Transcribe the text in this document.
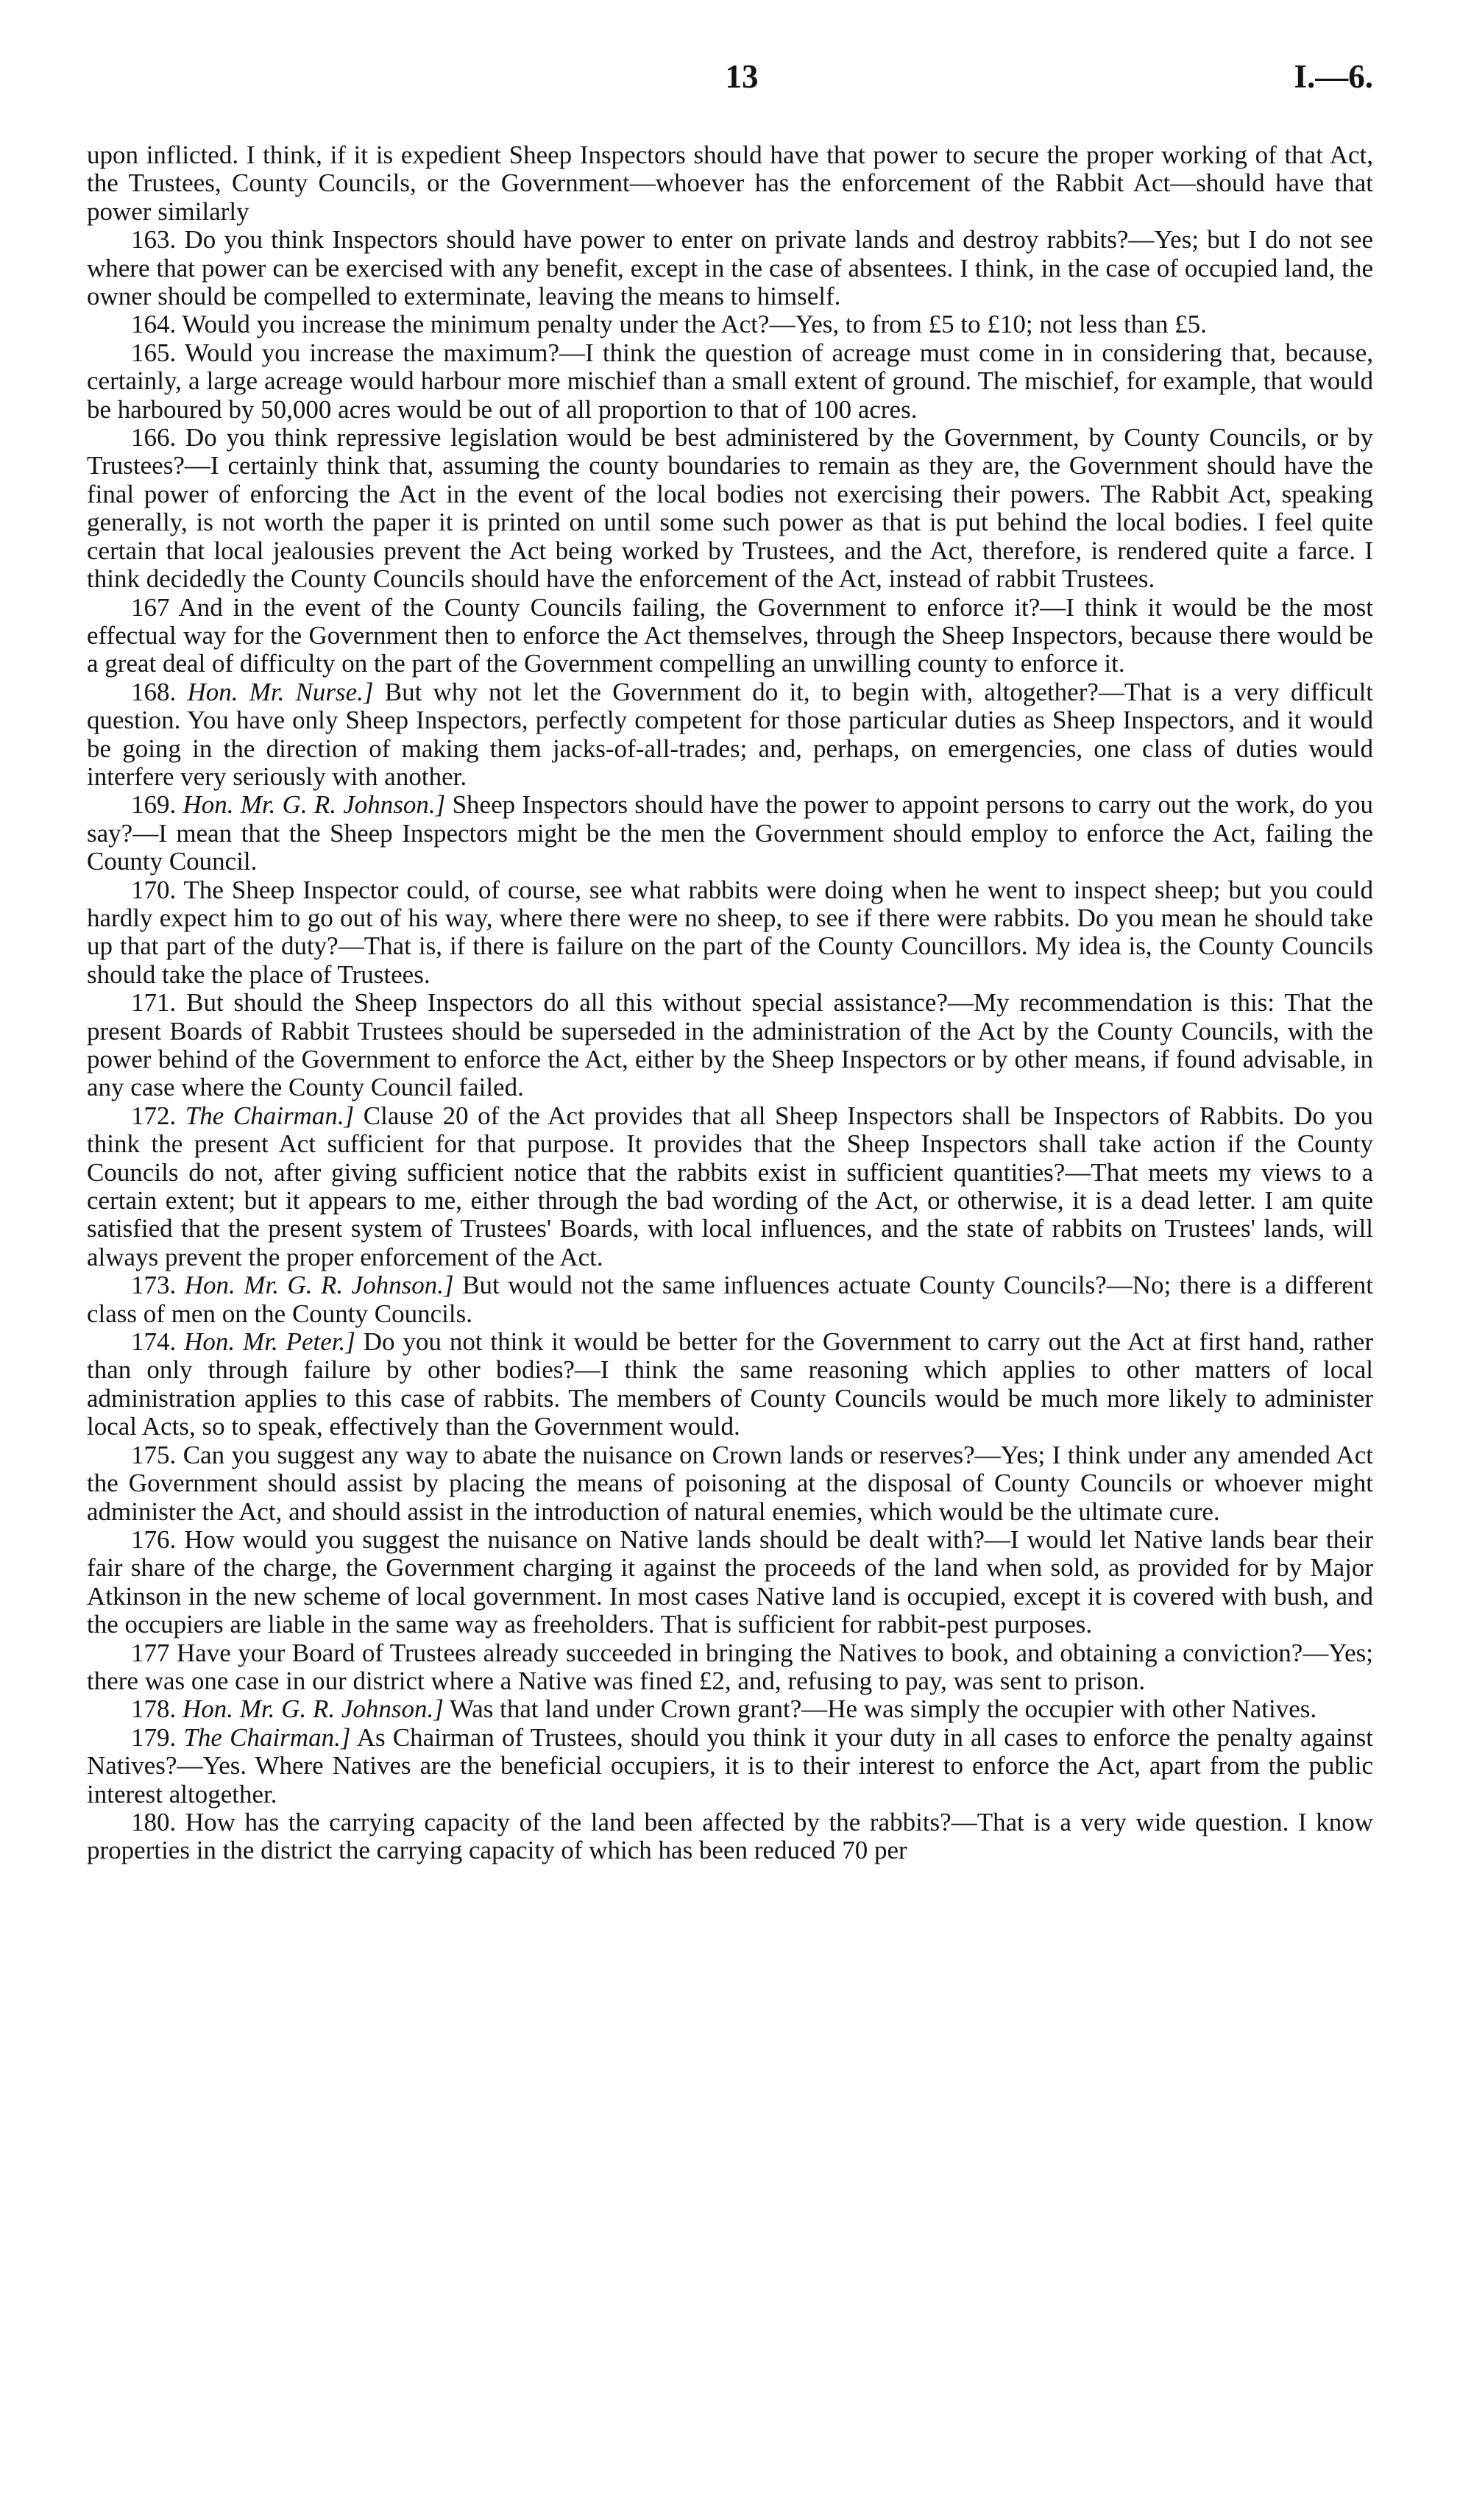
13	I.—6.

upon inflicted. I think, if it is expedient Sheep Inspectors should have that power to secure the proper working of that Act, the Trustees, County Councils, or the Government—whoever has the enforcement of the Rabbit Act—should have that power similarly

163. Do you think Inspectors should have power to enter on private lands and destroy rabbits?—Yes; but I do not see where that power can be exercised with any benefit, except in the case of absentees. I think, in the case of occupied land, the owner should be compelled to exterminate, leaving the means to himself.

164. Would you increase the minimum penalty under the Act?—Yes, to from £5 to £10; not less than £5.

165. Would you increase the maximum?—I think the question of acreage must come in in considering that, because, certainly, a large acreage would harbour more mischief than a small extent of ground. The mischief, for example, that would be harboured by 50,000 acres would be out of all proportion to that of 100 acres.

166. Do you think repressive legislation would be best administered by the Government, by County Councils, or by Trustees?—I certainly think that, assuming the county boundaries to remain as they are, the Government should have the final power of enforcing the Act in the event of the local bodies not exercising their powers. The Rabbit Act, speaking generally, is not worth the paper it is printed on until some such power as that is put behind the local bodies. I feel quite certain that local jealousies prevent the Act being worked by Trustees, and the Act, therefore, is rendered quite a farce. I think decidedly the County Councils should have the enforcement of the Act, instead of rabbit Trustees.

167 And in the event of the County Councils failing, the Government to enforce it?—I think it would be the most effectual way for the Government then to enforce the Act themselves, through the Sheep Inspectors, because there would be a great deal of difficulty on the part of the Government compelling an unwilling county to enforce it.

168. Hon. Mr. Nurse.] But why not let the Government do it, to begin with, altogether?—That is a very difficult question. You have only Sheep Inspectors, perfectly competent for those particular duties as Sheep Inspectors, and it would be going in the direction of making them jacks-of-all-trades; and, perhaps, on emergencies, one class of duties would interfere very seriously with another.

169. Hon. Mr. G. R. Johnson.] Sheep Inspectors should have the power to appoint persons to carry out the work, do you say?—I mean that the Sheep Inspectors might be the men the Government should employ to enforce the Act, failing the County Council.

170. The Sheep Inspector could, of course, see what rabbits were doing when he went to inspect sheep; but you could hardly expect him to go out of his way, where there were no sheep, to see if there were rabbits. Do you mean he should take up that part of the duty?—That is, if there is failure on the part of the County Councillors. My idea is, the County Councils should take the place of Trustees.

171. But should the Sheep Inspectors do all this without special assistance?—My recommendation is this: That the present Boards of Rabbit Trustees should be superseded in the administration of the Act by the County Councils, with the power behind of the Government to enforce the Act, either by the Sheep Inspectors or by other means, if found advisable, in any case where the County Council failed.

172. The Chairman.] Clause 20 of the Act provides that all Sheep Inspectors shall be Inspectors of Rabbits. Do you think the present Act sufficient for that purpose. It provides that the Sheep Inspectors shall take action if the County Councils do not, after giving sufficient notice that the rabbits exist in sufficient quantities?—That meets my views to a certain extent; but it appears to me, either through the bad wording of the Act, or otherwise, it is a dead letter. I am quite satisfied that the present system of Trustees' Boards, with local influences, and the state of rabbits on Trustees' lands, will always prevent the proper enforcement of the Act.

173. Hon. Mr. G. R. Johnson.] But would not the same influences actuate County Councils?—No; there is a different class of men on the County Councils.

174. Hon. Mr. Peter.] Do you not think it would be better for the Government to carry out the Act at first hand, rather than only through failure by other bodies?—I think the same reasoning which applies to other matters of local administration applies to this case of rabbits. The members of County Councils would be much more likely to administer local Acts, so to speak, effectively than the Government would.

175. Can you suggest any way to abate the nuisance on Crown lands or reserves?—Yes; I think under any amended Act the Government should assist by placing the means of poisoning at the disposal of County Councils or whoever might administer the Act, and should assist in the introduction of natural enemies, which would be the ultimate cure.

176. How would you suggest the nuisance on Native lands should be dealt with?—I would let Native lands bear their fair share of the charge, the Government charging it against the proceeds of the land when sold, as provided for by Major Atkinson in the new scheme of local government. In most cases Native land is occupied, except it is covered with bush, and the occupiers are liable in the same way as freeholders. That is sufficient for rabbit-pest purposes.

177 Have your Board of Trustees already succeeded in bringing the Natives to book, and obtaining a conviction?—Yes; there was one case in our district where a Native was fined £2, and, refusing to pay, was sent to prison.

178. Hon. Mr. G. R. Johnson.] Was that land under Crown grant?—He was simply the occupier with other Natives.

179. The Chairman.] As Chairman of Trustees, should you think it your duty in all cases to enforce the penalty against Natives?—Yes. Where Natives are the beneficial occupiers, it is to their interest to enforce the Act, apart from the public interest altogether.

180. How has the carrying capacity of the land been affected by the rabbits?—That is a very wide question. I know properties in the district the carrying capacity of which has been reduced 70 per
